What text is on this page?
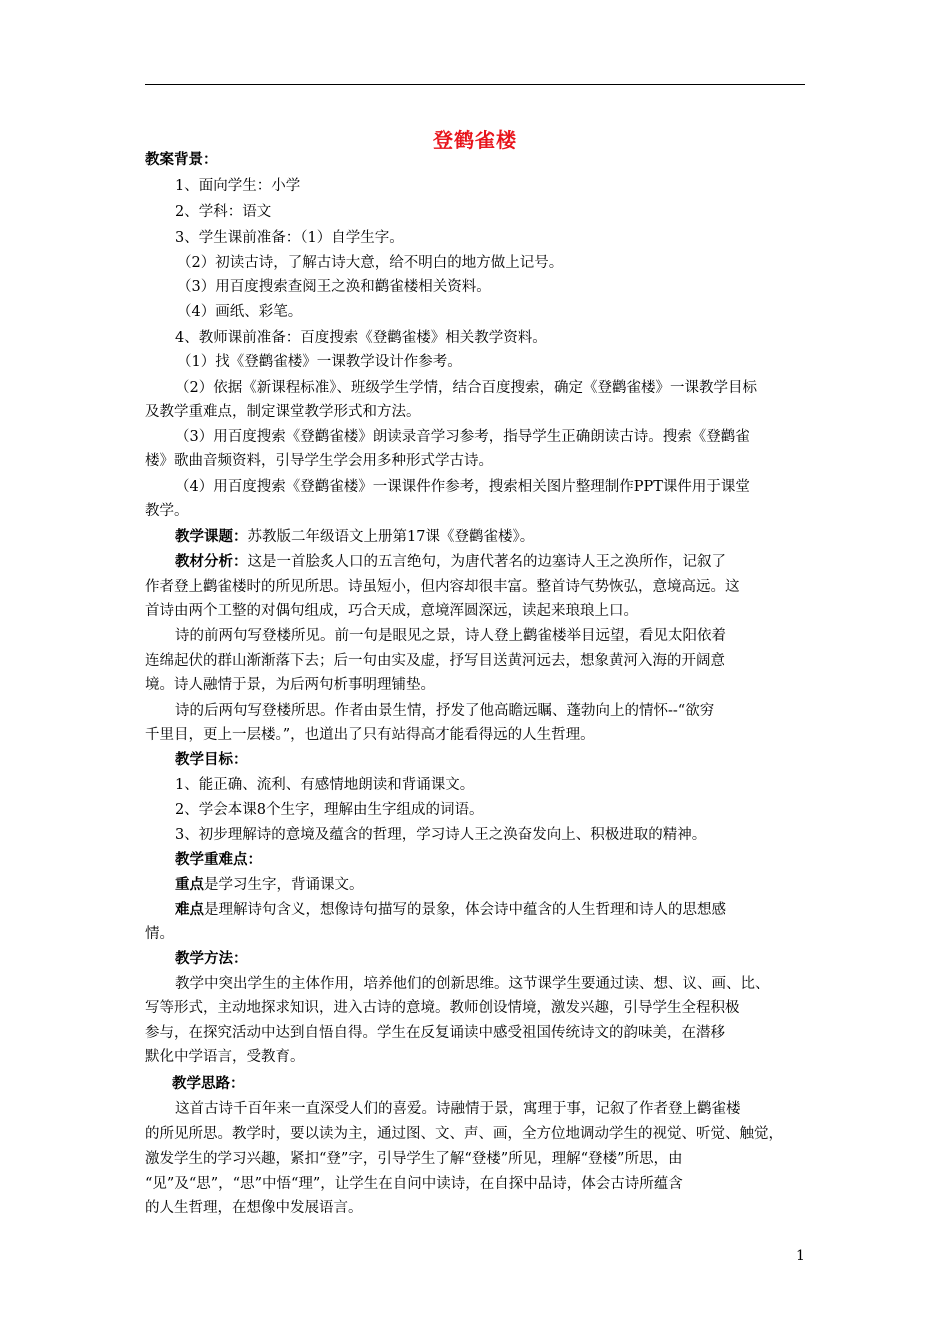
登鹤雀楼
教案背景：
1、面向学生：小学
2、学科：语文
3、学生课前准备：（1）自学生字。
（2）初读古诗，了解古诗大意，给不明白的地方做上记号。
（3）用百度搜索查阅王之涣和鹳雀楼相关资料。
（4）画纸、彩笔。
4、教师课前准备：百度搜索《登鹳雀楼》相关教学资料。
（1）找《登鹳雀楼》一课教学设计作参考。
（2）依据《新课程标准》、班级学生学情，结合百度搜索，确定《登鹳雀楼》一课教学目标
及教学重难点，制定课堂教学形式和方法。
（3）用百度搜索《登鹳雀楼》朗读录音学习参考，指导学生正确朗读古诗。搜索《登鹳雀
楼》歌曲音频资料，引导学生学会用多种形式学古诗。
（4）用百度搜索《登鹳雀楼》一课课件作参考，搜索相关图片整理制作PPT课件用于课堂
教学。
教学课题：苏教版二年级语文上册第17课《登鹳雀楼》。
教材分析：这是一首脍炙人口的五言绝句，为唐代著名的边塞诗人王之涣所作，记叙了
作者登上鹳雀楼时的所见所思。诗虽短小，但内容却很丰富。整首诗气势恢弘，意境高远。这
首诗由两个工整的对偶句组成，巧合天成，意境浑圆深远，读起来琅琅上口。
诗的前两句写登楼所见。前一句是眼见之景，诗人登上鹳雀楼举目远望，看见太阳依着
连绵起伏的群山渐渐落下去；后一句由实及虚，抒写目送黄河远去，想象黄河入海的开阔意
境。诗人融情于景，为后两句析事明理铺垫。
诗的后两句写登楼所思。作者由景生情，抒发了他高瞻远瞩、蓬勃向上的情怀--“欲穷
千里目，更上一层楼。”，也道出了只有站得高才能看得远的人生哲理。
教学目标：
1、能正确、流利、有感情地朗读和背诵课文。
2、学会本课8个生字，理解由生字组成的词语。
3、初步理解诗的意境及蕴含的哲理，学习诗人王之涣奋发向上、积极进取的精神。
教学重难点：
重点是学习生字，背诵课文。
难点是理解诗句含义，想像诗句描写的景象，体会诗中蕴含的人生哲理和诗人的思想感
情。
教学方法：
教学中突出学生的主体作用，培养他们的创新思维。这节课学生要通过读、想、议、画、比、
写等形式，主动地探求知识，进入古诗的意境。教师创设情境，激发兴趣，引导学生全程积极
参与，在探究活动中达到自悟自得。学生在反复诵读中感受祖国传统诗文的韵味美，在潜移
默化中学语言，受教育。
教学思路：
这首古诗千百年来一直深受人们的喜爱。诗融情于景，寓理于事，记叙了作者登上鹳雀楼
的所见所思。教学时，要以读为主，通过图、文、声、画，全方位地调动学生的视觉、听觉、触觉，
激发学生的学习兴趣，紧扣“登”字，引导学生了解“登楼”所见，理解“登楼”所思，由
“见”及“思”，“思”中悟“理”，让学生在自问中读诗，在自探中品诗，体会古诗所蕴含
的人生哲理，在想像中发展语言。
1
